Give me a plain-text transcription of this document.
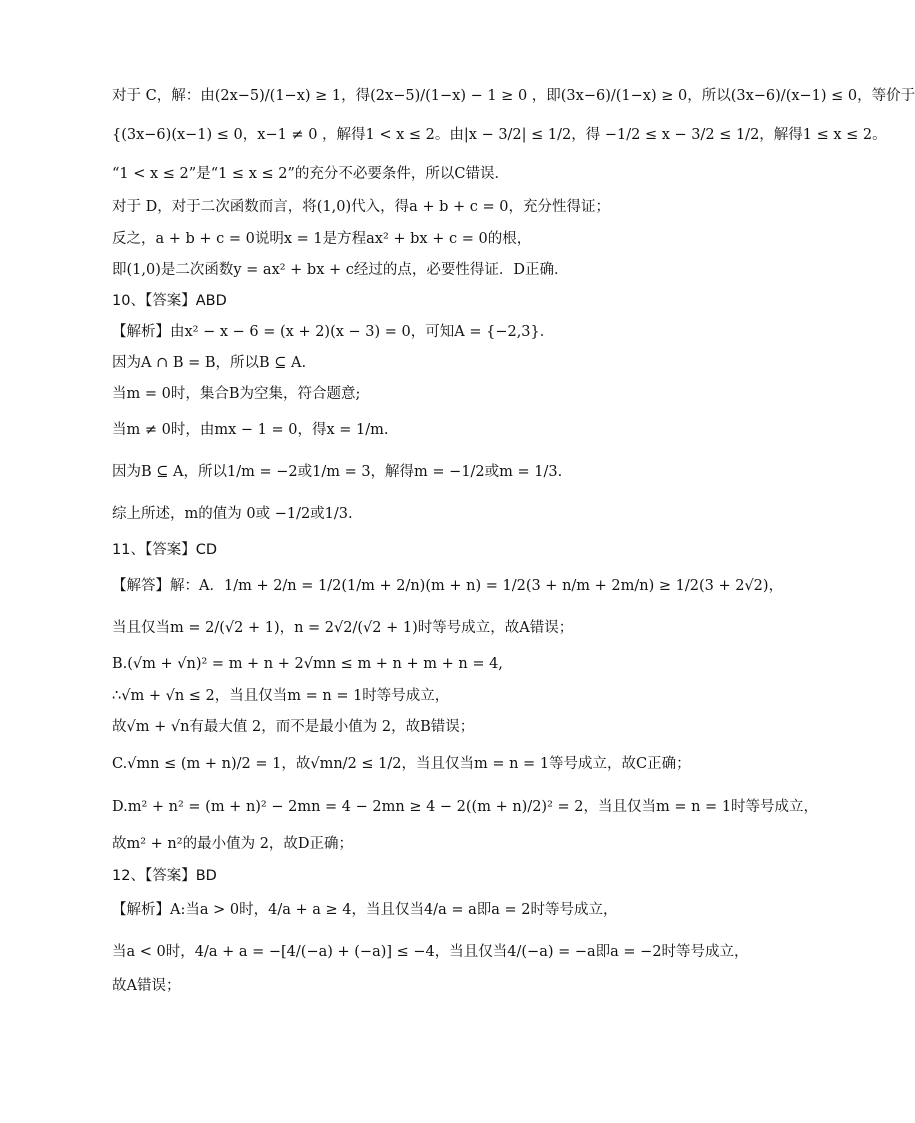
对于 C，解：由(2x−5)/(1−x) ≥ 1，得(2x−5)/(1−x) − 1 ≥ 0 ，即(3x−6)/(1−x) ≥ 0，所以(3x−6)/(x−1) ≤ 0，等价于
{(3x−6)(x−1) ≤ 0，x−1 ≠ 0 ，解得1 < x ≤ 2。由|x − 3/2| ≤ 1/2，得 −1/2 ≤ x − 3/2 ≤ 1/2，解得1 ≤ x ≤ 2。
“1 < x ≤ 2”是“1 ≤ x ≤ 2”的充分不必要条件，所以C错误．
对于 D，对于二次函数而言，将(1,0)代入，得a + b + c = 0，充分性得证；
反之，a + b + c = 0说明x = 1是方程ax² + bx + c = 0的根，
即(1,0)是二次函数y = ax² + bx + c经过的点，必要性得证．D正确．
10、【答案】ABD
【解析】由x² − x − 6 = (x + 2)(x − 3) = 0，可知A = {−2,3}．
因为A ∩ B = B，所以B ⊆ A.
当m = 0时，集合B为空集，符合题意;
当m ≠ 0时，由mx − 1 = 0，得x = 1/m.
因为B ⊆ A，所以1/m = −2或1/m = 3，解得m = −1/2或m = 1/3.
综上所述，m的值为 0或 −1/2或1/3.
11、【答案】CD
【解答】解：A．1/m + 2/n = 1/2(1/m + 2/n)(m + n) = 1/2(3 + n/m + 2m/n) ≥ 1/2(3 + 2√2)，
当且仅当m = 2/(√2 + 1)，n = 2√2/(√2 + 1)时等号成立，故A错误；
B.(√m + √n)² = m + n + 2√mn ≤ m + n + m + n = 4,
∴√m + √n ≤ 2，当且仅当m = n = 1时等号成立，
故√m + √n有最大值 2，而不是最小值为 2，故B错误；
C.√mn ≤ (m + n)/2 = 1，故√mn/2 ≤ 1/2，当且仅当m = n = 1等号成立，故C正确；
D.m² + n² = (m + n)² − 2mn = 4 − 2mn ≥ 4 − 2((m + n)/2)² = 2，当且仅当m = n = 1时等号成立，
故m² + n²的最小值为 2，故D正确；
12、【答案】BD
【解析】A:当a > 0时，4/a + a ≥ 4，当且仅当4/a = a即a = 2时等号成立，
当a < 0时，4/a + a = −[4/(−a) + (−a)] ≤ −4，当且仅当4/(−a) = −a即a = −2时等号成立，
故A错误；
